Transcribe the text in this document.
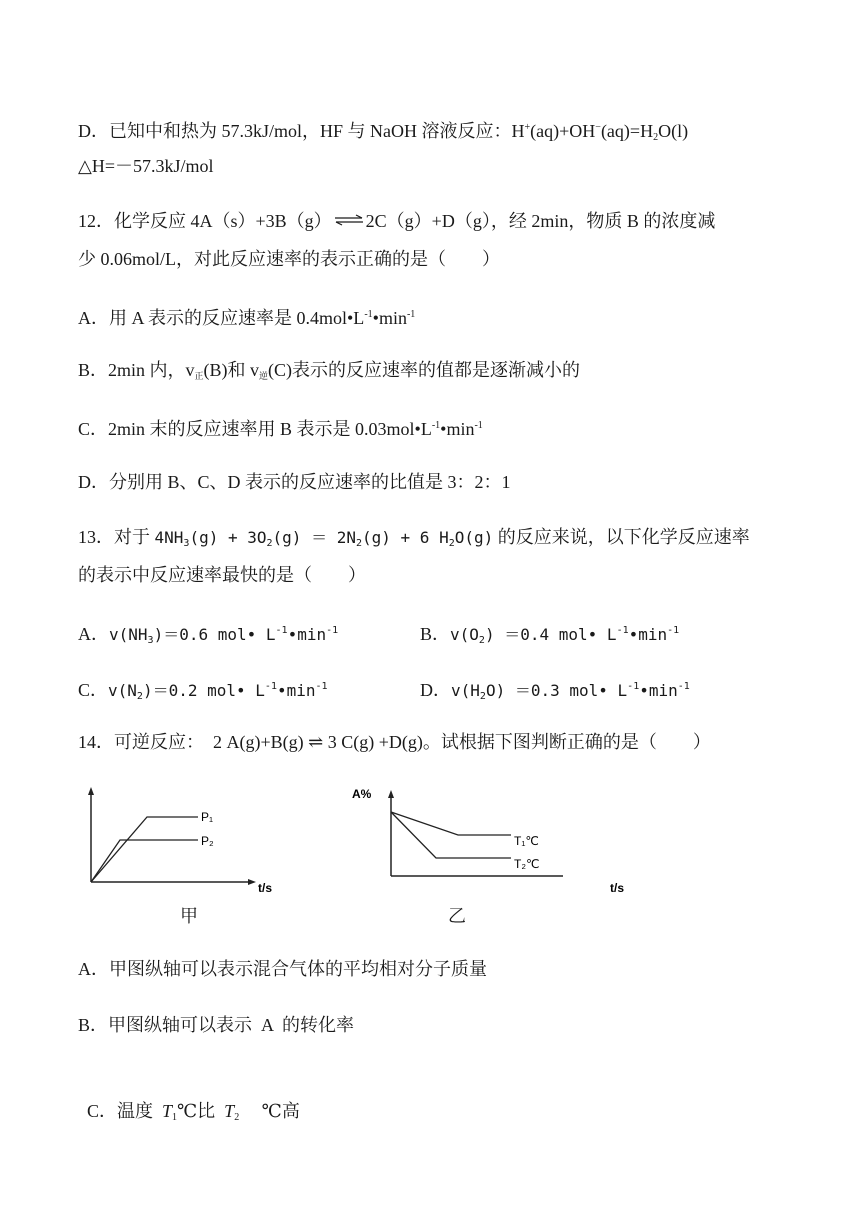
D．已知中和热为 57.3kJ/mol，HF 与 NaOH 溶液反应：$H^+(aq)+OH^-(aq)=H_2O(l)$
△H=－57.3kJ/mol
12．化学反应 4A（s）+3B（g） ⇌ 2C（g）+D（g），经 2min，物质 B 的浓度减
少 0.06mol/L，对此反应速率的表示正确的是（　　）
A．用 A 表示的反应速率是 $0.4mol•L^{-1}•\min^{-1}$
B．2min 内，v正(B)和 v逆(C)表示的反应速率的值都是逐渐减小的
C．2min 末的反应速率用 B 表示是 $0.03mol•L^{-1}•\min^{-1}$
D．分别用 B、C、D 表示的反应速率的比值是 3：2：1
13．对于 $4NH_3(g) + 3O_2(g) = 2N_2(g) + 6$ $H_2O(g)$ 的反应来说，以下化学反应速率
的表示中反应速率最快的是（　　）
A．$v(NH_3)=0.6$ mol• $L^{-1}•\min^{-1}$	B．$v(O_2) =0.4$ mol• $L^{-1}•\min^{-1}$
C．$v(N_2)=0.2$ mol• $L^{-1}•\min^{-1}$	D．$v(H_2O) =0.3$ mol• $L^{-1}•\min^{-1}$
14．可逆反应：　2 A(g)+B(g) ⇌ 3 C(g) +D(g)。试根据下图判断正确的是（　　）
P₁
P₂
t/s
甲
A%
T₁℃
T₂℃
t/s
乙
A．甲图纵轴可以表示混合气体的平均相对分子质量
B．甲图纵轴可以表示  A  的转化率

C．温度  $T_1℃$比  $T_2$　 ℃高
